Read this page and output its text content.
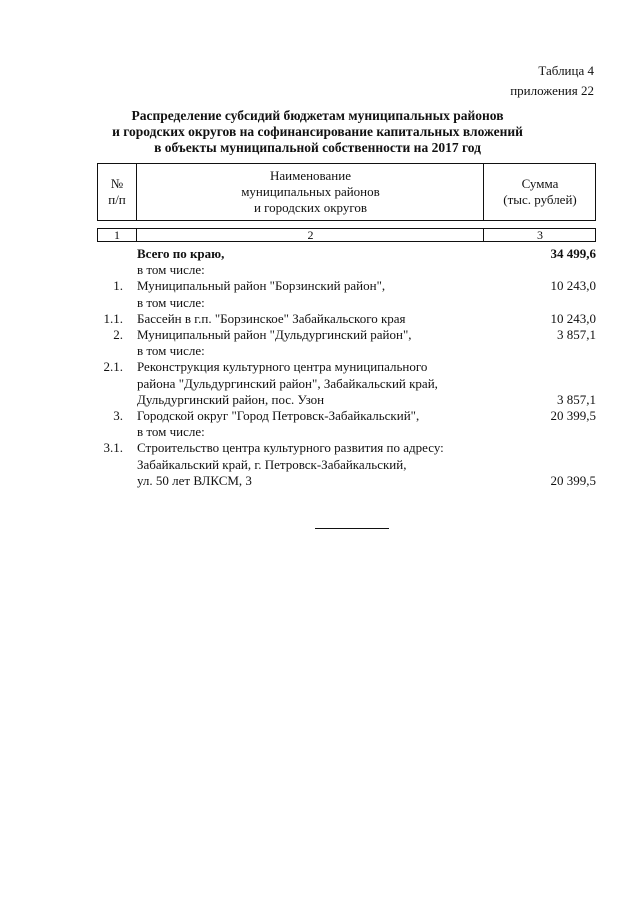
Таблица 4
приложения 22
Распределение субсидий бюджетам муниципальных районов
и городских округов на софинансирование капитальных вложений
в объекты муниципальной собственности на 2017 год
№
п/п
Наименование
муниципальных районов
и городских округов
Сумма
(тыс. рублей)
1	2	3
Всего по краю,	34 499,6
в том числе:
1. Муниципальный район "Борзинский район",	10 243,0
в том числе:
1.1. Бассейн в г.п. "Борзинское" Забайкальского края	10 243,0
2. Муниципальный район "Дульдургинский район",	3 857,1
в том числе:
2.1. Реконструкция культурного центра муниципального
района "Дульдургинский район", Забайкальский край,
Дульдургинский район, пос. Узон	3 857,1
3. Городской округ "Город Петровск-Забайкальский",	20 399,5
в том числе:
3.1. Строительство центра культурного развития по адресу:
Забайкальский край, г. Петровск-Забайкальский,
ул. 50 лет ВЛКСМ, 3	20 399,5
